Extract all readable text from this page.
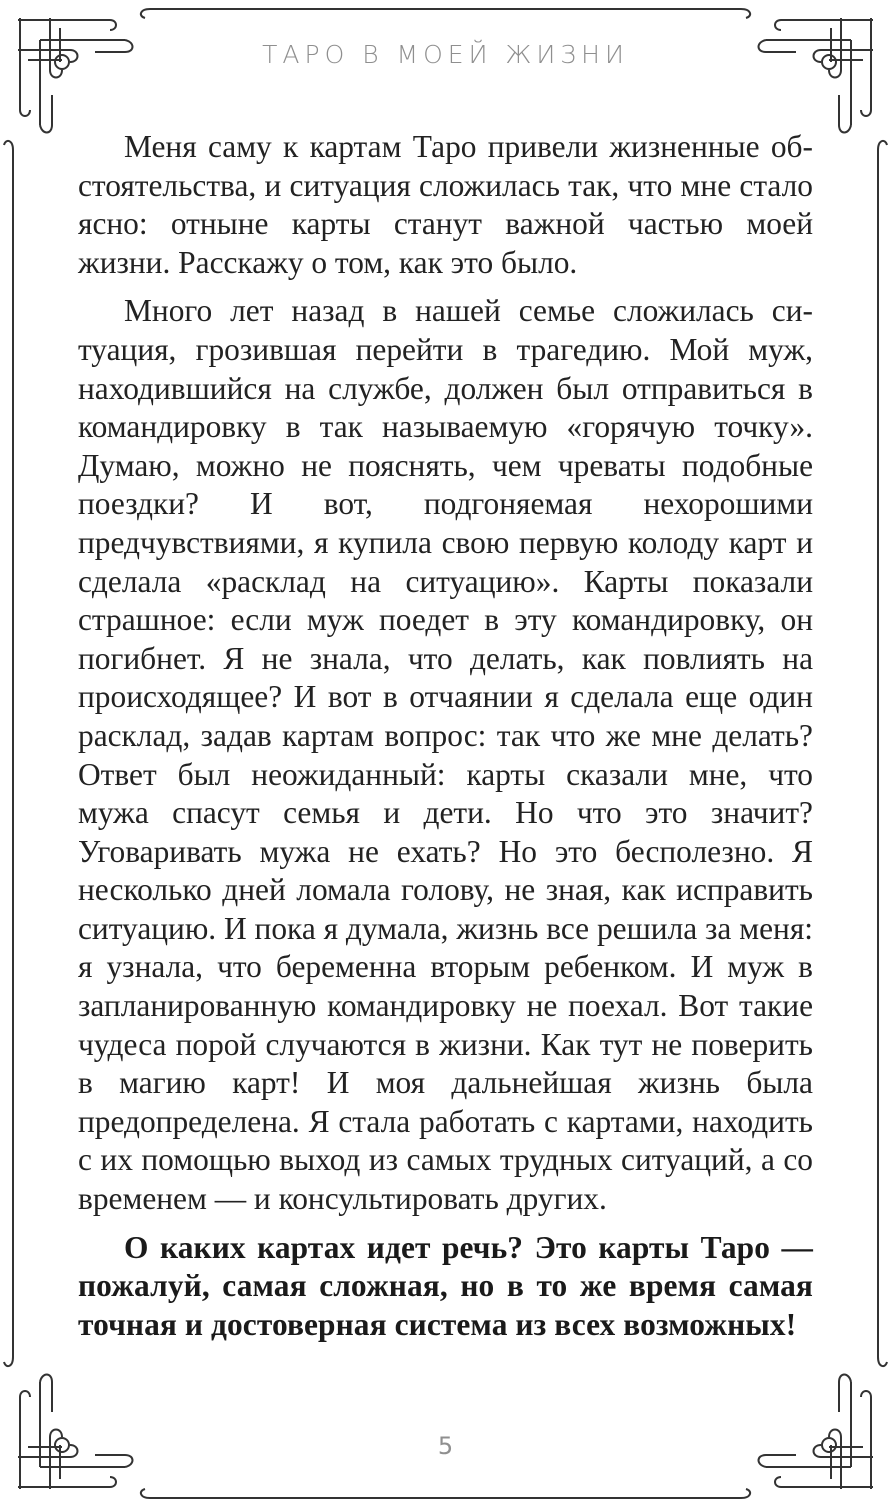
ТАРО В МОЕЙ ЖИЗНИ

Меня саму к картам Таро привели жизненные обстоятельства, и ситуация сложилась так, что мне стало ясно: отныне карты станут важной частью моей жизни. Расскажу о том, как это было.

Много лет назад в нашей семье сложилась ситуация, грозившая перейти в трагедию. Мой муж, находившийся на службе, должен был отправиться в командировку в так называемую «горячую точку». Думаю, можно не пояснять, чем чреваты подобные поездки? И вот, подгоняемая нехорошими предчувствиями, я купила свою первую колоду карт и сделала «расклад на ситуацию». Карты показали страшное: если муж поедет в эту командировку, он погибнет. Я не знала, что делать, как повлиять на происходящее? И вот в отчаянии я сделала еще один расклад, задав картам вопрос: так что же мне делать? Ответ был неожиданный: карты сказали мне, что мужа спасут семья и дети. Но что это значит? Уговаривать мужа не ехать? Но это бесполезно. Я несколько дней ломала голову, не зная, как исправить ситуацию. И пока я думала, жизнь все решила за меня: я узнала, что беременна вторым ребенком. И муж в запланированную командировку не поехал. Вот такие чудеса порой случаются в жизни. Как тут не поверить в магию карт! И моя дальнейшая жизнь была предопределена. Я стала работать с картами, находить с их помощью выход из самых трудных ситуаций, а со временем — и консультировать других.

О каких картах идет речь? Это карты Таро — пожалуй, самая сложная, но в то же время самая точная и достоверная система из всех возможных!

5
